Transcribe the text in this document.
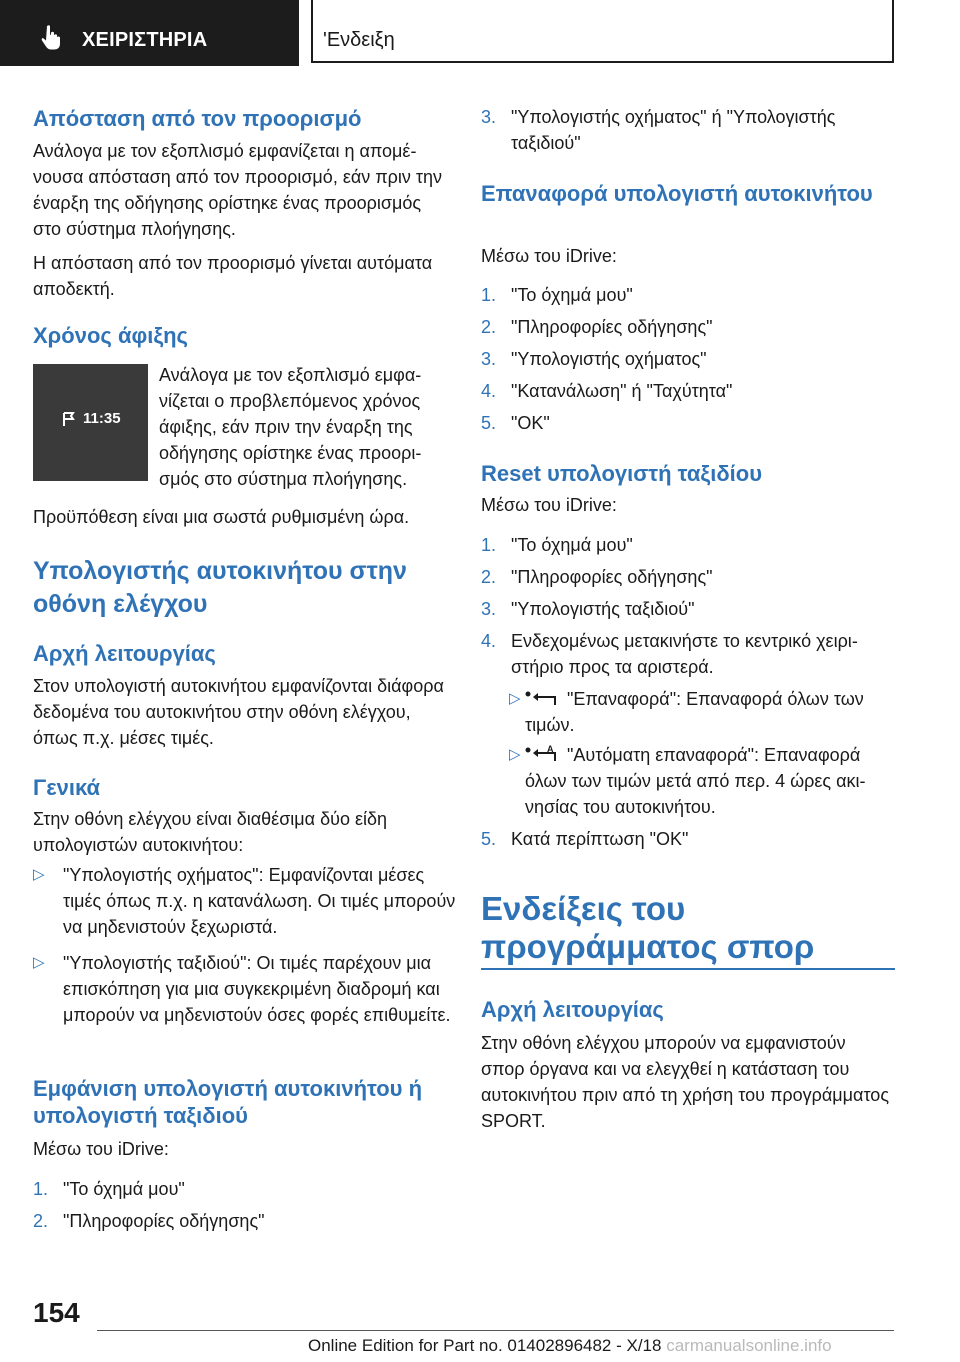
ΧΕΙΡΙΣΤΗΡΙΑ	'Ενδειξη

Απόσταση από τον προορισμό

Ανάλογα με τον εξοπλισμό εμφανίζεται η απομένουσα απόσταση από τον προορισμό, εάν πριν την έναρξη της οδήγησης ορίστηκε ένας προορισμός στο σύστημα πλοήγησης.

Η απόσταση από τον προορισμό γίνεται αυτόματα αποδεκτή.

Χρόνος άφιξης

11:35

Ανάλογα με τον εξοπλισμό εμφανίζεται ο προβλεπόμενος χρόνος άφιξης, εάν πριν την έναρξη της οδήγησης ορίστηκε ένας προορισμός στο σύστημα πλοήγησης.

Προϋπόθεση είναι μια σωστά ρυθμισμένη ώρα.

Υπολογιστής αυτοκινήτου στην οθόνη ελέγχου

Αρχή λειτουργίας

Στον υπολογιστή αυτοκινήτου εμφανίζονται διάφορα δεδομένα του αυτοκινήτου στην οθόνη ελέγχου, όπως π.χ. μέσες τιμές.

Γενικά

Στην οθόνη ελέγχου είναι διαθέσιμα δύο είδη υπολογιστών αυτοκινήτου:

▷ "Υπολογιστής οχήματος": Εμφανίζονται μέσες τιμές όπως π.χ. η κατανάλωση. Οι τιμές μπορούν να μηδενιστούν ξεχωριστά.
▷ "Υπολογιστής ταξιδιού": Οι τιμές παρέχουν μια επισκόπηση για μια συγκεκριμένη διαδρομή και μπορούν να μηδενιστούν όσες φορές επιθυμείτε.

Εμφάνιση υπολογιστή αυτοκινήτου ή υπολογιστή ταξιδιού

Μέσω του iDrive:

1. "Το όχημά μου"
2. "Πληροφορίες οδήγησης"
3. "Υπολογιστής οχήματος" ή "Υπολογιστής ταξιδιού"

Επαναφορά υπολογιστή αυτοκινήτου

Μέσω του iDrive:

1. "Το όχημά μου"
2. "Πληροφορίες οδήγησης"
3. "Υπολογιστής οχήματος"
4. "Κατανάλωση" ή "Ταχύτητα"
5. "OK"

Reset υπολογιστή ταξιδίου

Μέσω του iDrive:

1. "Το όχημά μου"
2. "Πληροφορίες οδήγησης"
3. "Υπολογιστής ταξιδιού"
4. Ενδεχομένως μετακινήστε το κεντρικό χειριστήριο προς τα αριστερά.
▷	"Επαναφορά": Επαναφορά όλων των τιμών.
▷	A "Αυτόματη επαναφορά": Επαναφορά όλων των τιμών μετά από περ. 4 ώρες ακινησίας του αυτοκινήτου.
5. Κατά περίπτωση "OK"

Ενδείξεις του προγράμματος σπορ

Αρχή λειτουργίας

Στην οθόνη ελέγχου μπορούν να εμφανιστούν σπορ όργανα και να ελεγχθεί η κατάσταση του αυτοκινήτου πριν από τη χρήση του προγράμματος SPORT.

154
Online Edition for Part no. 01402896482 - X/18 carmanualsonline.info
